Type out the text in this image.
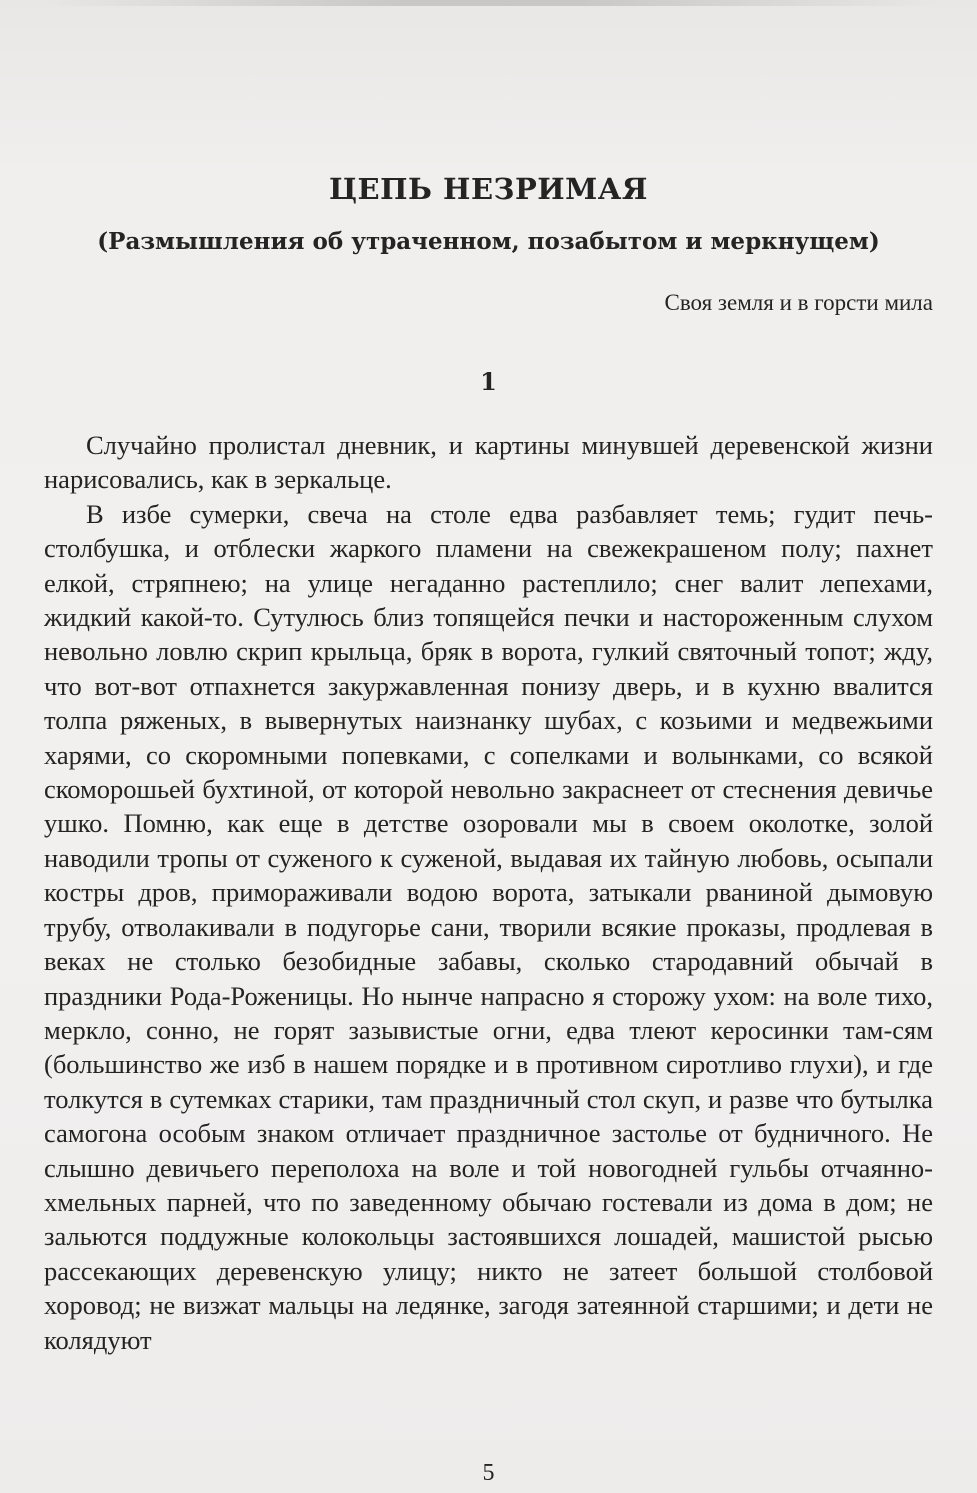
ЦЕПЬ НЕЗРИМАЯ
(Размышления об утраченном, позабытом и меркнущем)

Своя земля и в горсти мила

1

Случайно пролистал дневник, и картины минувшей деревенской жизни нарисовались, как в зеркальце.

В избе сумерки, свеча на столе едва разбавляет темь; гудит печь-столбушка, и отблески жаркого пламени на свежекрашеном полу; пахнет елкой, стряпнею; на улице негаданно растеплило; снег валит лепехами, жидкий какой-то. Сутулюсь близ топящейся печки и настороженным слухом невольно ловлю скрип крыльца, бряк в ворота, гулкий святочный топот; жду, что вот-вот отпахнется закуржавленная понизу дверь, и в кухню ввалится толпа ряженых, в вывернутых наизнанку шубах, с козьими и медвежьими харями, со скоромными попевками, с сопелками и волынками, со всякой скоморошьей бухтиной, от которой невольно закраснеет от стеснения девичье ушко. Помню, как еще в детстве озоровали мы в своем околотке, золой наводили тропы от суженого к суженой, выдавая их тайную любовь, осыпали костры дров, приморaживали водою ворота, затыкали рваниной дымовую трубу, отволакивали в подугорье сани, творили всякие проказы, продлевая в веках не столько безобидные забавы, сколько стародавний обычай в праздники Рода-Роженицы. Но нынче напрасно я сторожу ухом: на воле тихо, меркло, сонно, не горят зазывистые огни, едва тлеют керосинки там-сям (большинство же изб в нашем порядке и в противном сиротливо глухи), и где толкутся в сутемках старики, там праздничный стол скуп, и разве что бутылка самогона особым знаком отличает праздничное застолье от будничного. Не слышно девичьего переполоха на воле и той новогодней гульбы отчаянно-хмельных парней, что по заведенному обычаю гостевали из дома в дом; не зальются поддужные колокольцы застоявшихся лошадей, машистой рысью рассекающих деревенскую улицу; никто не затеет большой столбовой хоровод; не визжат мальцы на ледянке, загодя затеянной старшими; и дети не колядуют

5
